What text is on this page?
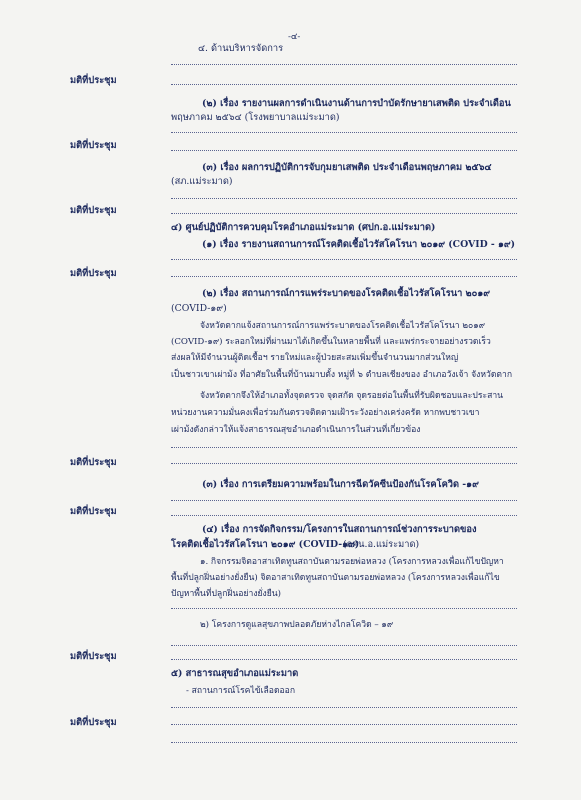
-๔-
๔. ด้านบริหารจัดการ
มติที่ประชุม
(๒) เรื่อง รายงานผลการดำเนินงานด้านการบำบัดรักษายาเสพติด ประจำเดือน
พฤษภาคม ๒๕๖๔ (โรงพยาบาลแม่ระมาด)
มติที่ประชุม
(๓) เรื่อง ผลการปฏิบัติการจับกุมยาเสพติด ประจำเดือนพฤษภาคม ๒๕๖๔
(สภ.แม่ระมาด)
มติที่ประชุม
๔) ศูนย์ปฏิบัติการควบคุมโรคอำเภอแม่ระมาด (ศปก.อ.แม่ระมาด)
(๑) เรื่อง รายงานสถานการณ์โรคติดเชื้อไวรัสโคโรนา ๒๐๑๙ (COVID - ๑๙)
มติที่ประชุม
(๒) เรื่อง สถานการณ์การแพร่ระบาดของโรคติดเชื้อไวรัสโคโรนา ๒๐๑๙
(COVID-๑๙)
จังหวัดตากแจ้งสถานการณ์การแพร่ระบาดของโรคติดเชื้อไวรัสโคโรนา ๒๐๑๙
(COVID-๑๙) ระลอกใหม่ที่ผ่านมาได้เกิดขึ้นในหลายพื้นที่ และแพร่กระจายอย่างรวดเร็ว
ส่งผลให้มีจำนวนผู้ติดเชื้อฯ รายใหม่และผู้ป่วยสะสมเพิ่มขึ้นจำนวนมากส่วนใหญ่
เป็นชาวเขาเผ่าม้ง ที่อาศัยในพื้นที่บ้านมาบตั้ง หมู่ที่ ๖ ตำบลเชียงของ อำเภอวังเจ้า จังหวัดตาก
จังหวัดตากจึงให้อำเภอทั้งจุดตรวจ จุดสกัด จุดรอยต่อในพื้นที่รับผิดชอบและประสาน
หน่วยงานความมั่นคงเพื่อร่วมกันตรวจติดตามเฝ้าระวังอย่างเคร่งครัด หากพบชาวเขา
เผ่าม้งดังกล่าวให้แจ้งสาธารณสุขอำเภอดำเนินการในส่วนที่เกี่ยวข้อง
มติที่ประชุม
(๓) เรื่อง การเตรียมความพร้อมในการฉีดวัคซีนป้องกันโรคโควิด -๑๙
มติที่ประชุม
(๔) เรื่อง การจัดกิจกรรม/โครงการในสถานการณ์ช่วงการระบาดของ
โรคติดเชื้อไวรัสโคโรนา ๒๐๑๙ (COVID-๑๙)
(กศน.อ.แม่ระมาด)
๑. กิจกรรมจิตอาสาเทิดทูนสถาบันตามรอยพ่อหลวง (โครงการหลวงเพื่อแก้ไขปัญหา
พื้นที่ปลูกฝิ่นอย่างยั่งยืน) จิตอาสาเทิดทูนสถาบันตามรอยพ่อหลวง (โครงการหลวงเพื่อแก้ไข
ปัญหาพื้นที่ปลูกฝิ่นอย่างยั่งยืน)
๒) โครงการดูแลสุขภาพปลอดภัยห่างไกลโควิด – ๑๙
มติที่ประชุม
๕) สาธารณสุขอำเภอแม่ระมาด
- สถานการณ์โรคไข้เลือดออก
มติที่ประชุม
